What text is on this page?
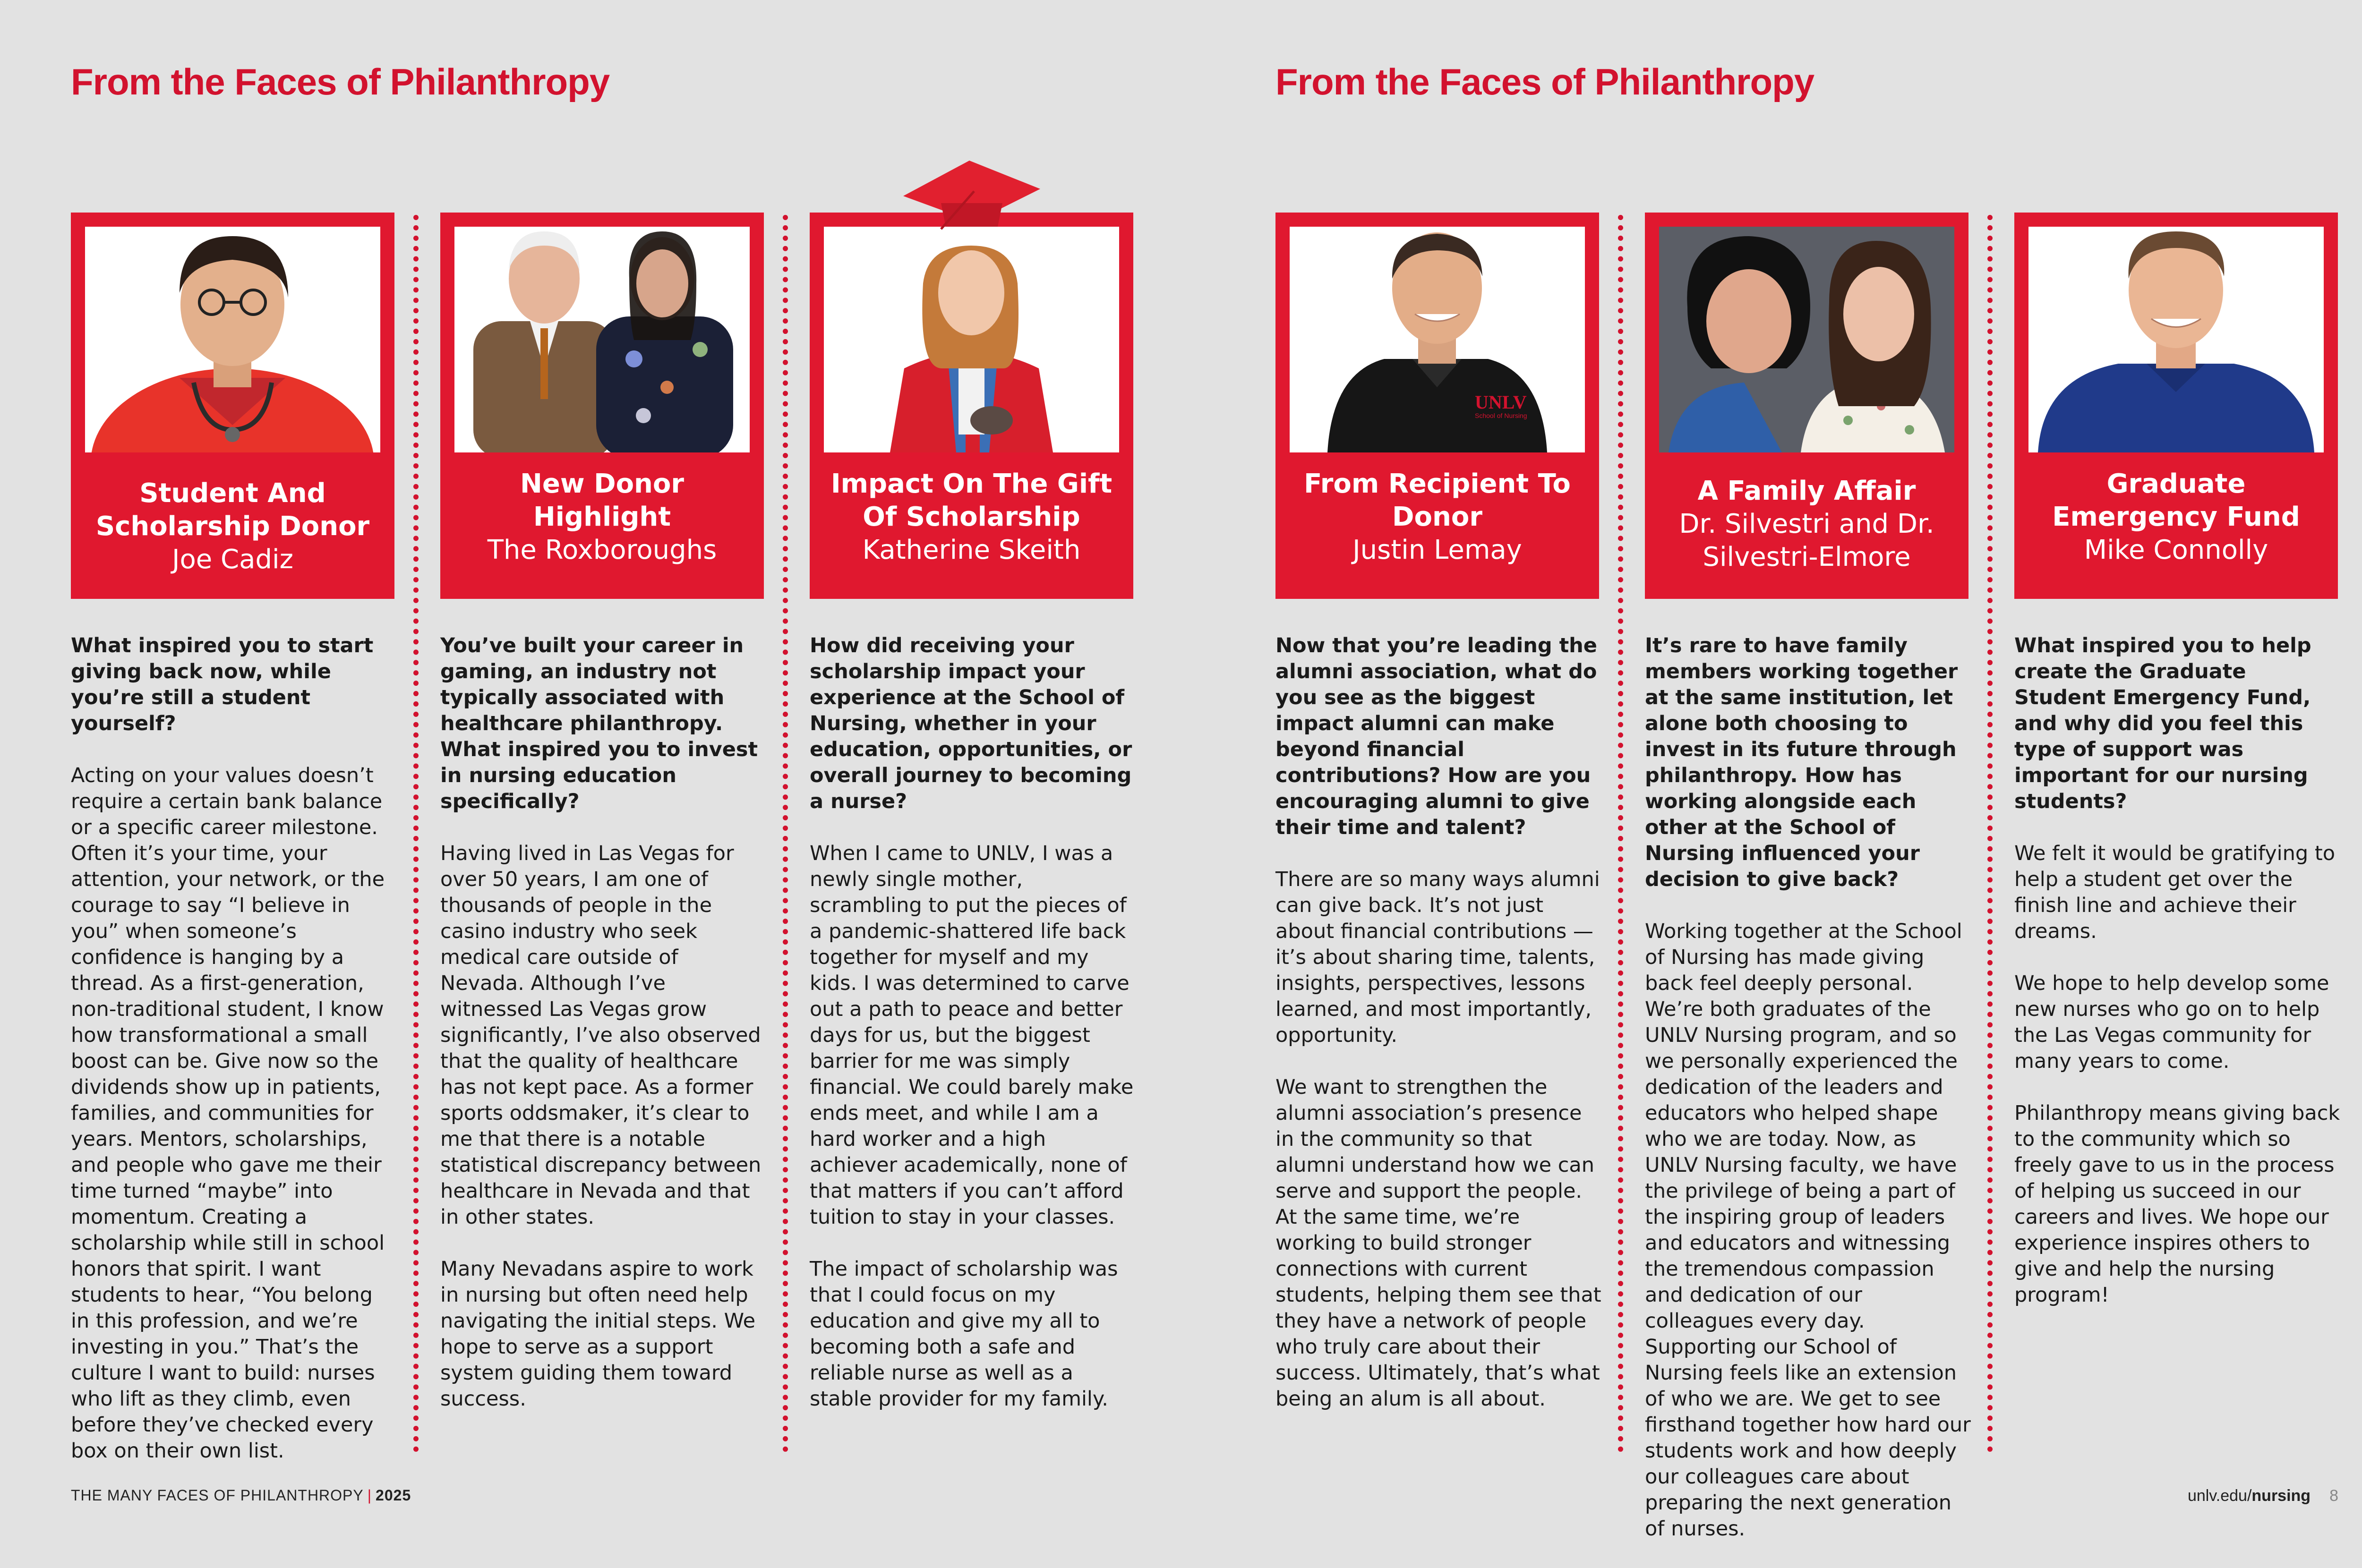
From the Faces of Philanthropy
Student And Scholarship Donor
Joe Cadiz
What inspired you to start giving back now, while you’re still a student yourself?

Acting on your values doesn’t require a certain bank balance or a specific career milestone. Often it’s your time, your attention, your network, or the courage to say “I believe in you” when someone’s confidence is hanging by a thread. As a first-generation, non-traditional student, I know how transformational a small boost can be. Give now so the dividends show up in patients, families, and communities for years. Mentors, scholarships, and people who gave me their time turned “maybe” into momentum. Creating a scholarship while still in school honors that spirit. I want students to hear, “You belong in this profession, and we’re investing in you.” That’s the culture I want to build: nurses who lift as they climb, even before they’ve checked every box on their own list.

New Donor Highlight
The Roxboroughs
You’ve built your career in gaming, an industry not typically associated with healthcare philanthropy. What inspired you to invest in nursing education specifically?

Having lived in Las Vegas for over 50 years, I am one of thousands of people in the casino industry who seek medical care outside of Nevada. Although I’ve witnessed Las Vegas grow significantly, I’ve also observed that the quality of healthcare has not kept pace. As a former sports oddsmaker, it’s clear to me that there is a notable statistical discrepancy between healthcare in Nevada and that in other states.

Many Nevadans aspire to work in nursing but often need help navigating the initial steps. We hope to serve as a support system guiding them toward success.

Impact On The Gift Of Scholarship
Katherine Skeith
How did receiving your scholarship impact your experience at the School of Nursing, whether in your education, opportunities, or overall journey to becoming a nurse?

When I came to UNLV, I was a newly single mother, scrambling to put the pieces of a pandemic-shattered life back together for myself and my kids. I was determined to carve out a path to peace and better days for us, but the biggest barrier for me was simply financial. We could barely make ends meet, and while I am a hard worker and a high achiever academically, none of that matters if you can’t afford tuition to stay in your classes.

The impact of scholarship was that I could focus on my education and give my all to becoming both a safe and reliable nurse as well as a stable provider for my family.

THE MANY FACES OF PHILANTHROPY | 2025
From the Faces of Philanthropy
UNLV
School of Nursing
From Recipient To Donor
Justin Lemay
Now that you’re leading the alumni association, what do you see as the biggest impact alumni can make beyond financial contributions? How are you encouraging alumni to give their time and talent?

There are so many ways alumni can give back. It’s not just about financial contributions — it’s about sharing time, talents, insights, perspectives, lessons learned, and most importantly, opportunity.

We want to strengthen the alumni association’s presence in the community so that alumni understand how we can serve and support the people. At the same time, we’re working to build stronger connections with current students, helping them see that they have a network of people who truly care about their success. Ultimately, that’s what being an alum is all about.

A Family Affair
Dr. Silvestri and Dr. Silvestri-Elmore
It’s rare to have family members working together at the same institution, let alone both choosing to invest in its future through philanthropy. How has working alongside each other at the School of Nursing influenced your decision to give back?

Working together at the School of Nursing has made giving back feel deeply personal. We’re both graduates of the UNLV Nursing program, and so we personally experienced the dedication of the leaders and educators who helped shape who we are today. Now, as UNLV Nursing faculty, we have the privilege of being a part of the inspiring group of leaders and educators and witnessing the tremendous compassion and dedication of our colleagues every day. Supporting our School of Nursing feels like an extension of who we are. We get to see firsthand together how hard our students work and how deeply our colleagues care about preparing the next generation of nurses.

Graduate Emergency Fund
Mike Connolly
What inspired you to help create the Graduate Student Emergency Fund, and why did you feel this type of support was important for our nursing students?

We felt it would be gratifying to help a student get over the finish line and achieve their dreams.

We hope to help develop some new nurses who go on to help the Las Vegas community for many years to come.

Philanthropy means giving back to the community which so freely gave to us in the process of helping us succeed in our careers and lives. We hope our experience inspires others to give and help the nursing program!

unlv.edu/nursing 8
